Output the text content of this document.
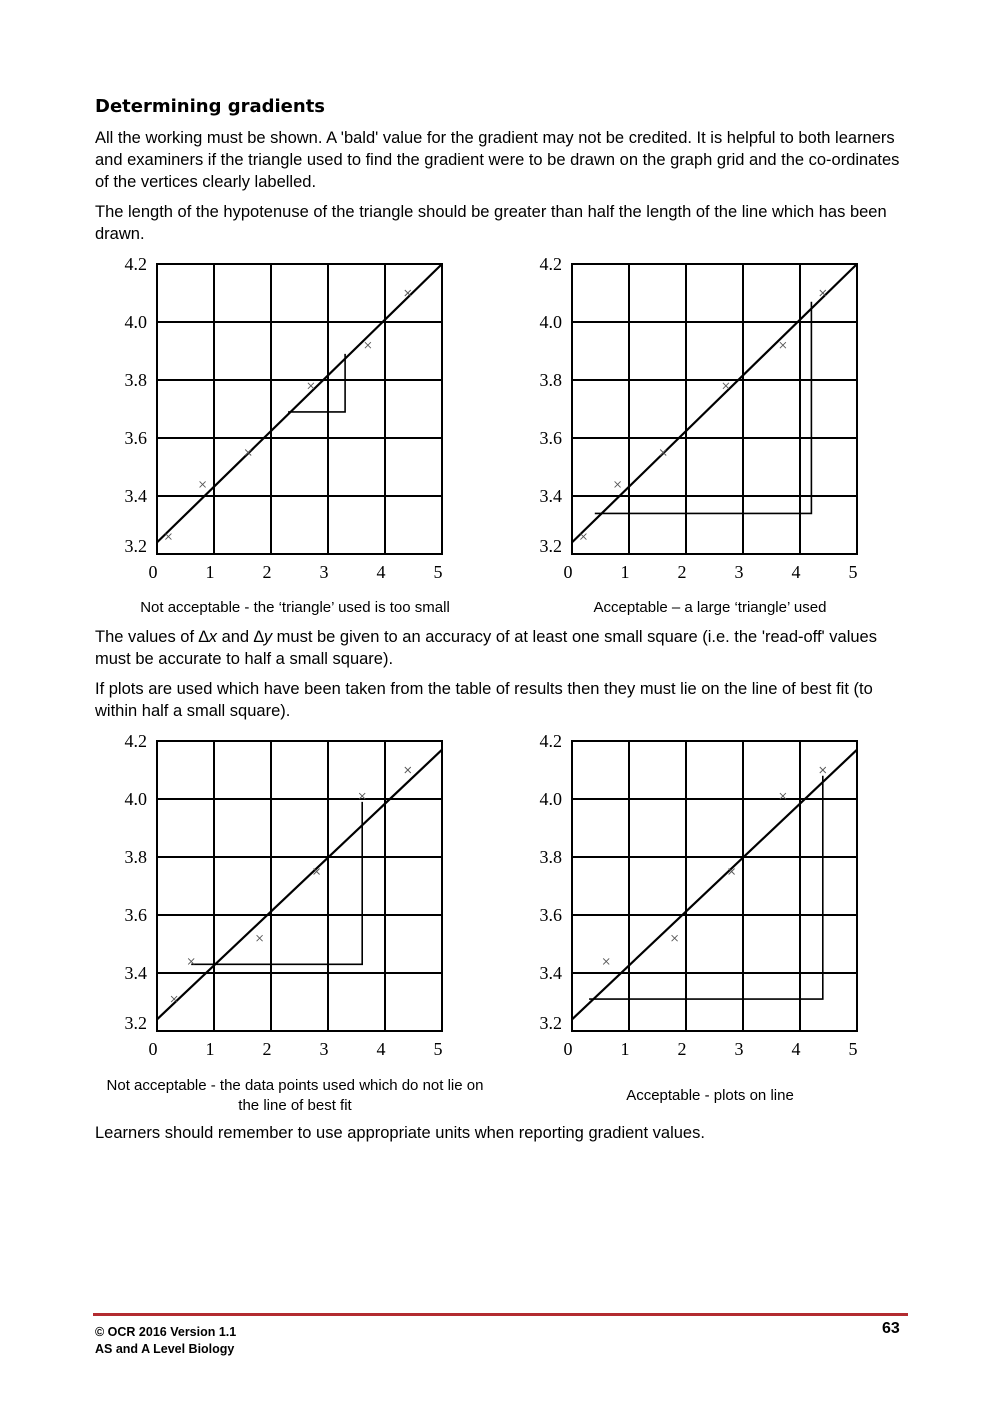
Determining gradients

All the working must be shown. A 'bald' value for the gradient may not be credited. It is helpful to both learners and examiners if the triangle used to find the gradient were to be drawn on the graph grid and the co-ordinates of the vertices clearly labelled.

The length of the hypotenuse of the triangle should be greater than half the length of the line which has been drawn.

3.2
3.4
3.6
3.8
4.0
4.2
0	1	2	3	4	5
3.2
3.4
3.6
3.8
4.0
4.2
0	1	2	3	4	5
Not acceptable - the ‘triangle’ used is too small	Acceptable – a large ‘triangle’ used

The values of ∆x and ∆y must be given to an accuracy of at least one small square (i.e. the 'read-off' values must be accurate to half a small square).

If plots are used which have been taken from the table of results then they must lie on the line of best fit (to within half a small square).

3.2
3.4
3.6
3.8
4.0
4.2
0	1	2	3	4	5
3.2
3.4
3.6
3.8
4.0
4.2
0	1	2	3	4	5
Not acceptable - the data points used which do not lie on the line of best fit
Acceptable - plots on line

Learners should remember to use appropriate units when reporting gradient values.

© OCR 2016 Version 1.1
AS and A Level Biology
63
